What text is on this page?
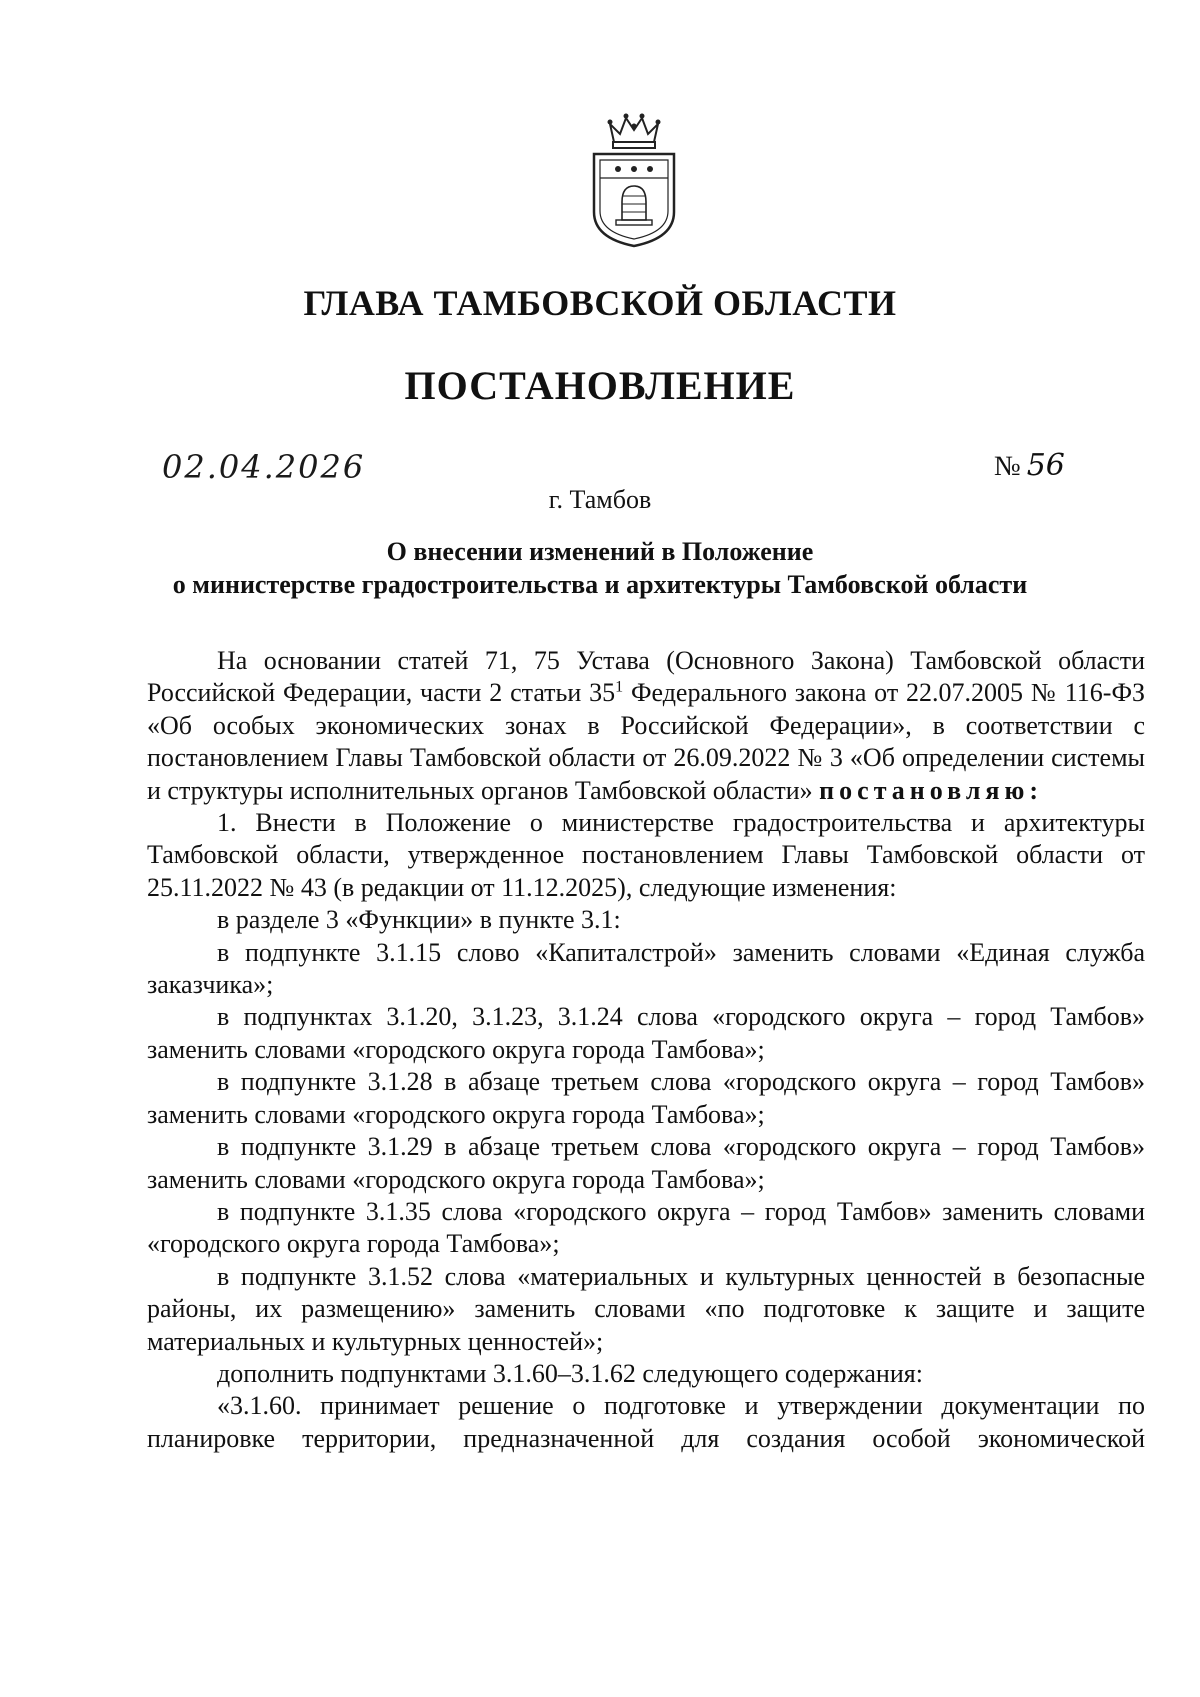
ГЛАВА ТАМБОВСКОЙ ОБЛАСТИ
ПОСТАНОВЛЕНИЕ
02.04.2026	№ 56
г. Тамбов
О внесении изменений в Положение
о министерстве градостроительства и архитектуры Тамбовской области

На основании статей 71, 75 Устава (Основного Закона) Тамбовской области Российской Федерации, части 2 статьи $35^1$ Федерального закона от 22.07.2005 № 116-ФЗ «Об особых экономических зонах в Российской Федерации», в соответствии с постановлением Главы Тамбовской области от 26.09.2022 № 3 «Об определении системы и структуры исполнительных органов Тамбовской области» постановляю:

1. Внести в Положение о министерстве градостроительства и архитектуры Тамбовской области, утвержденное постановлением Главы Тамбовской области от 25.11.2022 № 43 (в редакции от 11.12.2025), следующие изменения:

в разделе 3 «Функции» в пункте 3.1:

в подпункте 3.1.15 слово «Капиталстрой» заменить словами «Единая служба заказчика»;

в подпунктах 3.1.20, 3.1.23, 3.1.24 слова «городского округа – город Тамбов» заменить словами «городского округа города Тамбова»;

в подпункте 3.1.28 в абзаце третьем слова «городского округа – город Тамбов» заменить словами «городского округа города Тамбова»;

в подпункте 3.1.29 в абзаце третьем слова «городского округа – город Тамбов» заменить словами «городского округа города Тамбова»;

в подпункте 3.1.35 слова «городского округа – город Тамбов» заменить словами «городского округа города Тамбова»;

в подпункте 3.1.52 слова «материальных и культурных ценностей в безопасные районы, их размещению» заменить словами «по подготовке к защите и защите материальных и культурных ценностей»;

дополнить подпунктами 3.1.60–3.1.62 следующего содержания:

«3.1.60. принимает решение о подготовке и утверждении документации по планировке территории, предназначенной для создания особой экономической
